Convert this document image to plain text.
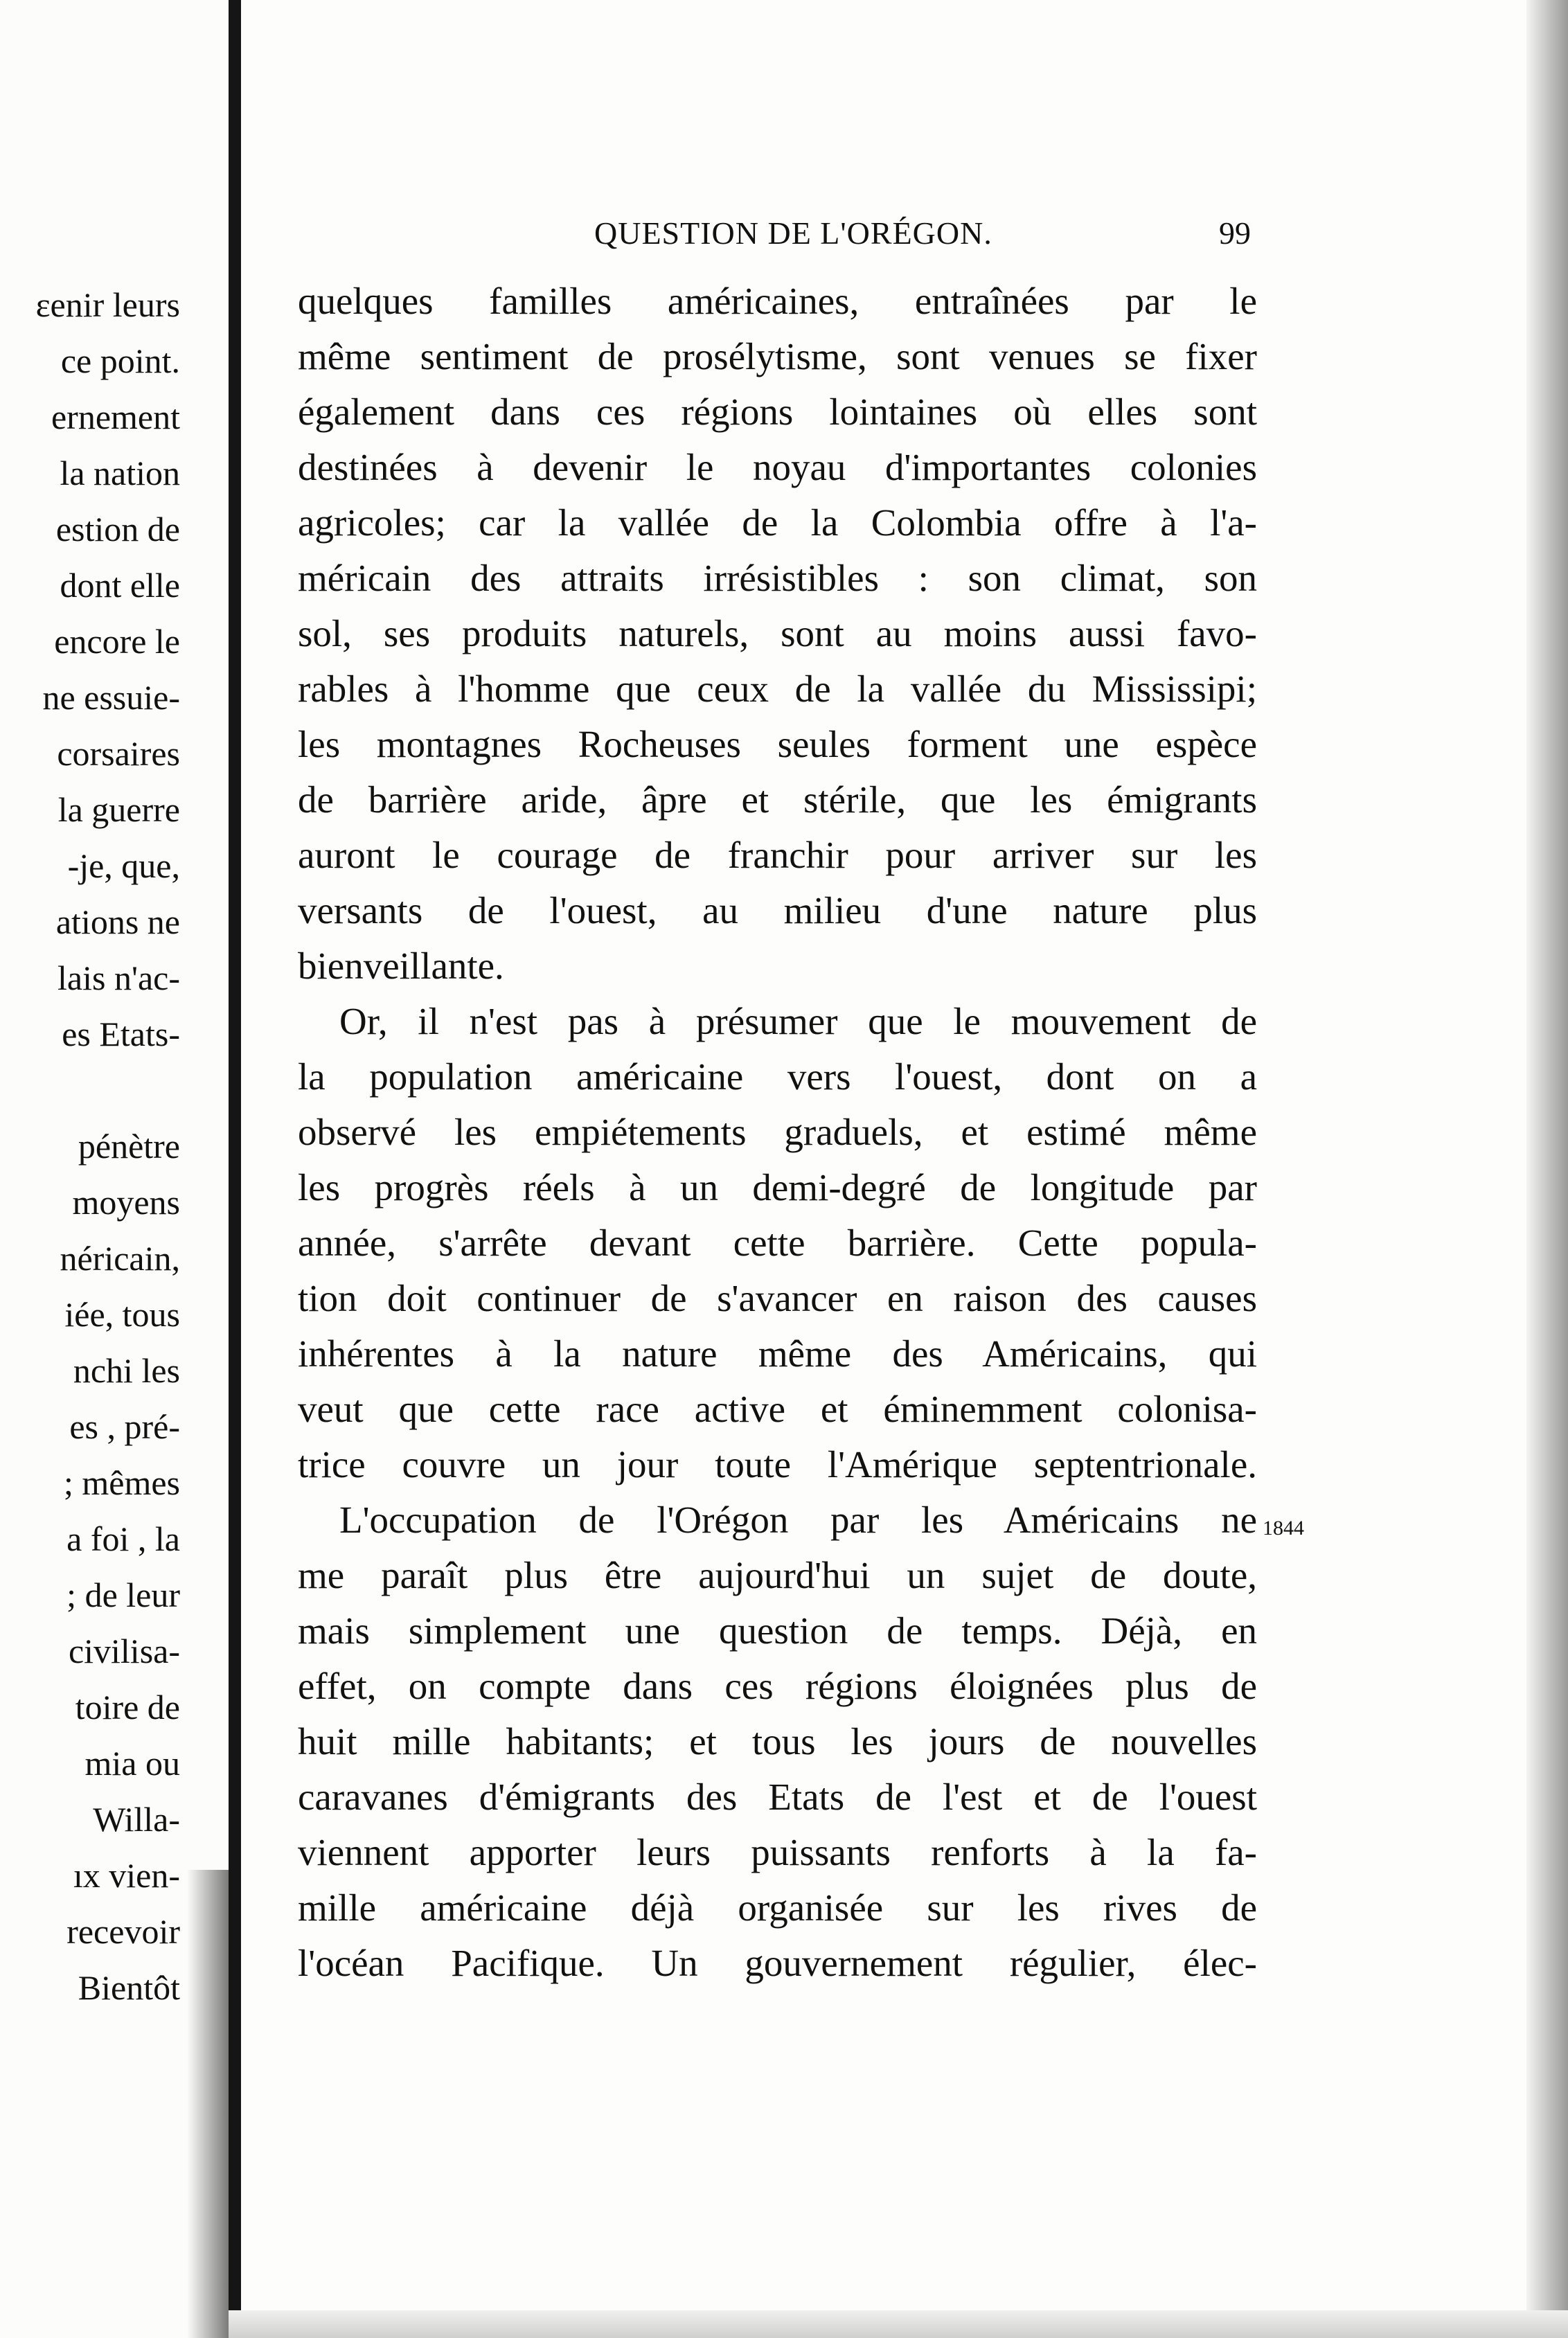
ɛenir leurs
ce point.
ernement
la nation
estion de
dont elle
encore le
ne essuie-
corsaires
la guerre
-je, que,
ations ne
lais n'ac-
es Etats-
pénètre
moyens
néricain,
iée, tous
nchi les
es , pré-
; mêmes
a foi , la
; de leur
civilisa-
toire de
mia ou
Willa-
ıx vien-
recevoir
Bientôt
QUESTION DE L'ORÉGON.	99
quelques familles américaines, entraînées par le
même sentiment de prosélytisme, sont venues se fixer
également dans ces régions lointaines où elles sont
destinées à devenir le noyau d'importantes colonies
agricoles; car la vallée de la Colombia offre à l'a-
méricain des attraits irrésistibles : son climat, son
sol, ses produits naturels, sont au moins aussi favo-
rables à l'homme que ceux de la vallée du Mississipi;
les montagnes Rocheuses seules forment une espèce
de barrière aride, âpre et stérile, que les émigrants
auront le courage de franchir pour arriver sur les
versants de l'ouest, au milieu d'une nature plus
bienveillante.
Or, il n'est pas à présumer que le mouvement de
la population américaine vers l'ouest, dont on a
observé les empiétements graduels, et estimé même
les progrès réels à un demi-degré de longitude par
année, s'arrête devant cette barrière. Cette popula-
tion doit continuer de s'avancer en raison des causes
inhérentes à la nature même des Américains, qui
veut que cette race active et éminemment colonisa-
trice couvre un jour toute l'Amérique septentrionale.
L'occupation de l'Orégon par les Américains ne
me paraît plus être aujourd'hui un sujet de doute,
mais simplement une question de temps. Déjà, en
effet, on compte dans ces régions éloignées plus de
huit mille habitants; et tous les jours de nouvelles
caravanes d'émigrants des Etats de l'est et de l'ouest
viennent apporter leurs puissants renforts à la fa-
mille américaine déjà organisée sur les rives de
l'océan Pacifique. Un gouvernement régulier, élec-
1844
